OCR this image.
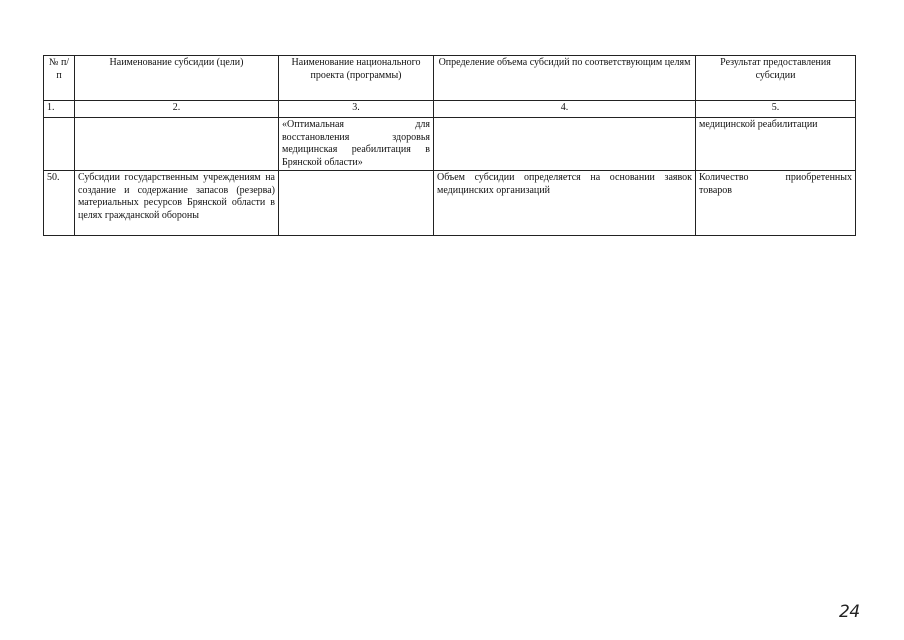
№ п/п	Наименование субсидии (цели)	Наименование национального проекта (программы)	Определение объема субсидий по соответствующим целям	Результат предоставления субсидии
1.	2.	3.	4.	5.
		«Оптимальная для восстановления здоровья медицинская реабилитация в Брянской области»		медицинской реабилитации
50.	Субсидии государственным учреждениям на создание и содержание запасов (резерва) материальных ресурсов Брянской области в целях гражданской обороны		Объем субсидии определяется на основании заявок медицинских организаций	Количество приобретенных товаров
24
